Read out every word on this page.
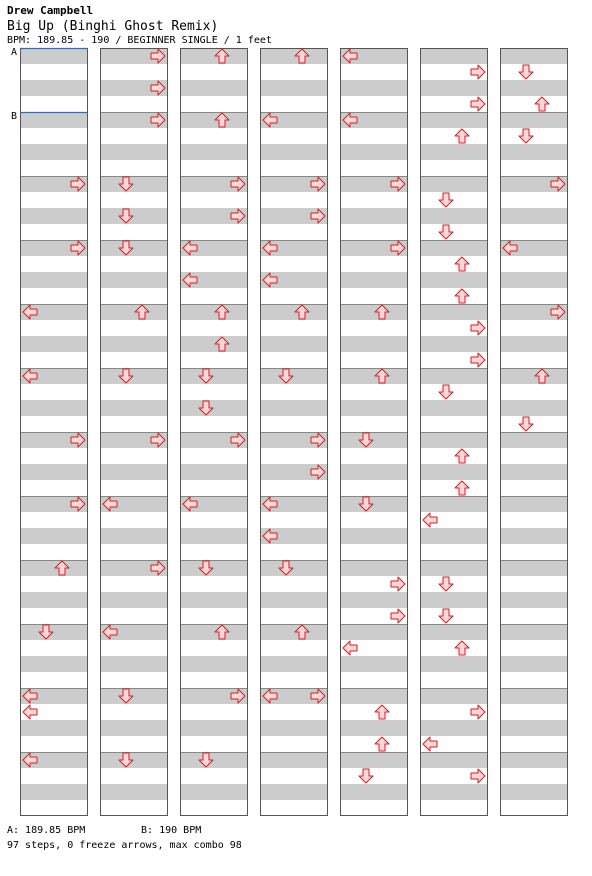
Drew Campbell
Big Up (Binghi Ghost Remix)
BPM: 189.85 - 190 / BEGINNER SINGLE / 1 feet
A
B
A: 189.85 BPM	B: 190 BPM
97 steps, 0 freeze arrows, max combo 98
